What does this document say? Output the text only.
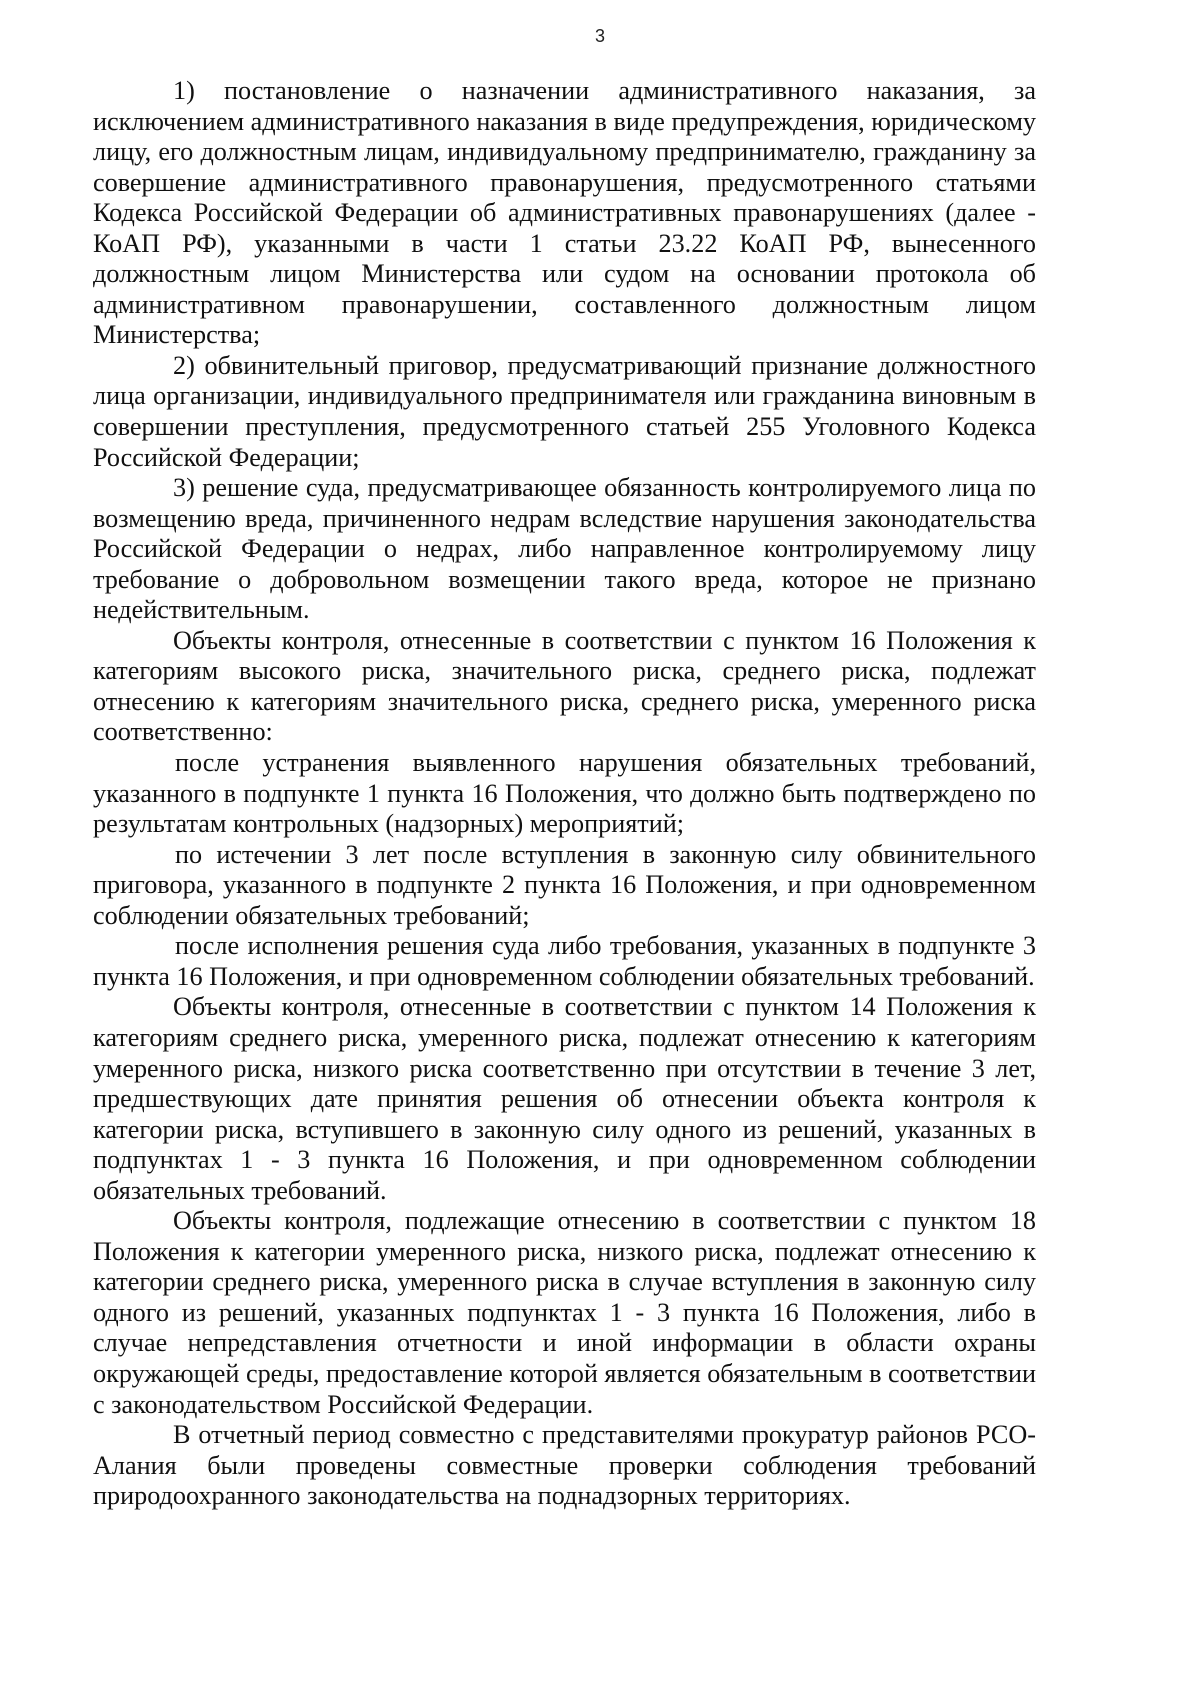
3

1) постановление о назначении административного наказания, за исключением административного наказания в виде предупреждения, юридическому лицу, его должностным лицам, индивидуальному предпринимателю, гражданину за совершение административного правонарушения, предусмотренного статьями Кодекса Российской Федерации об административных правонарушениях (далее - КоАП РФ), указанными в части 1 статьи 23.22 КоАП РФ, вынесенного должностным лицом Министерства или судом на основании протокола об административном правонарушении, составленного должностным лицом Министерства;

2) обвинительный приговор, предусматривающий признание должностного лица организации, индивидуального предпринимателя или гражданина виновным в совершении преступления, предусмотренного статьей 255 Уголовного Кодекса Российской Федерации;

3) решение суда, предусматривающее обязанность контролируемого лица по возмещению вреда, причиненного недрам вследствие нарушения законодательства Российской Федерации о недрах, либо направленное контролируемому лицу требование о добровольном возмещении такого вреда, которое не признано недействительным.

Объекты контроля, отнесенные в соответствии с пунктом 16 Положения к категориям высокого риска, значительного риска, среднего риска, подлежат отнесению к категориям значительного риска, среднего риска, умеренного риска соответственно:

после устранения выявленного нарушения обязательных требований, указанного в подпункте 1 пункта 16 Положения, что должно быть подтверждено по результатам контрольных (надзорных) мероприятий;

по истечении 3 лет после вступления в законную силу обвинительного приговора, указанного в подпункте 2 пункта 16 Положения, и при одновременном соблюдении обязательных требований;

после исполнения решения суда либо требования, указанных в подпункте 3 пункта 16 Положения, и при одновременном соблюдении обязательных требований.

Объекты контроля, отнесенные в соответствии с пунктом 14 Положения к категориям среднего риска, умеренного риска, подлежат отнесению к категориям умеренного риска, низкого риска соответственно при отсутствии в течение 3 лет, предшествующих дате принятия решения об отнесении объекта контроля к категории риска, вступившего в законную силу одного из решений, указанных в подпунктах 1 - 3 пункта 16 Положения, и при одновременном соблюдении обязательных требований.

Объекты контроля, подлежащие отнесению в соответствии с пунктом 18 Положения к категории умеренного риска, низкого риска, подлежат отнесению к категории среднего риска, умеренного риска в случае вступления в законную силу одного из решений, указанных подпунктах 1 - 3 пункта 16 Положения, либо в случае непредставления отчетности и иной информации в области охраны окружающей среды, предоставление которой является обязательным в соответствии с законодательством Российской Федерации.

В отчетный период совместно с представителями прокуратур районов РСО-Алания были проведены совместные проверки соблюдения требований природоохранного законодательства на поднадзорных территориях.
